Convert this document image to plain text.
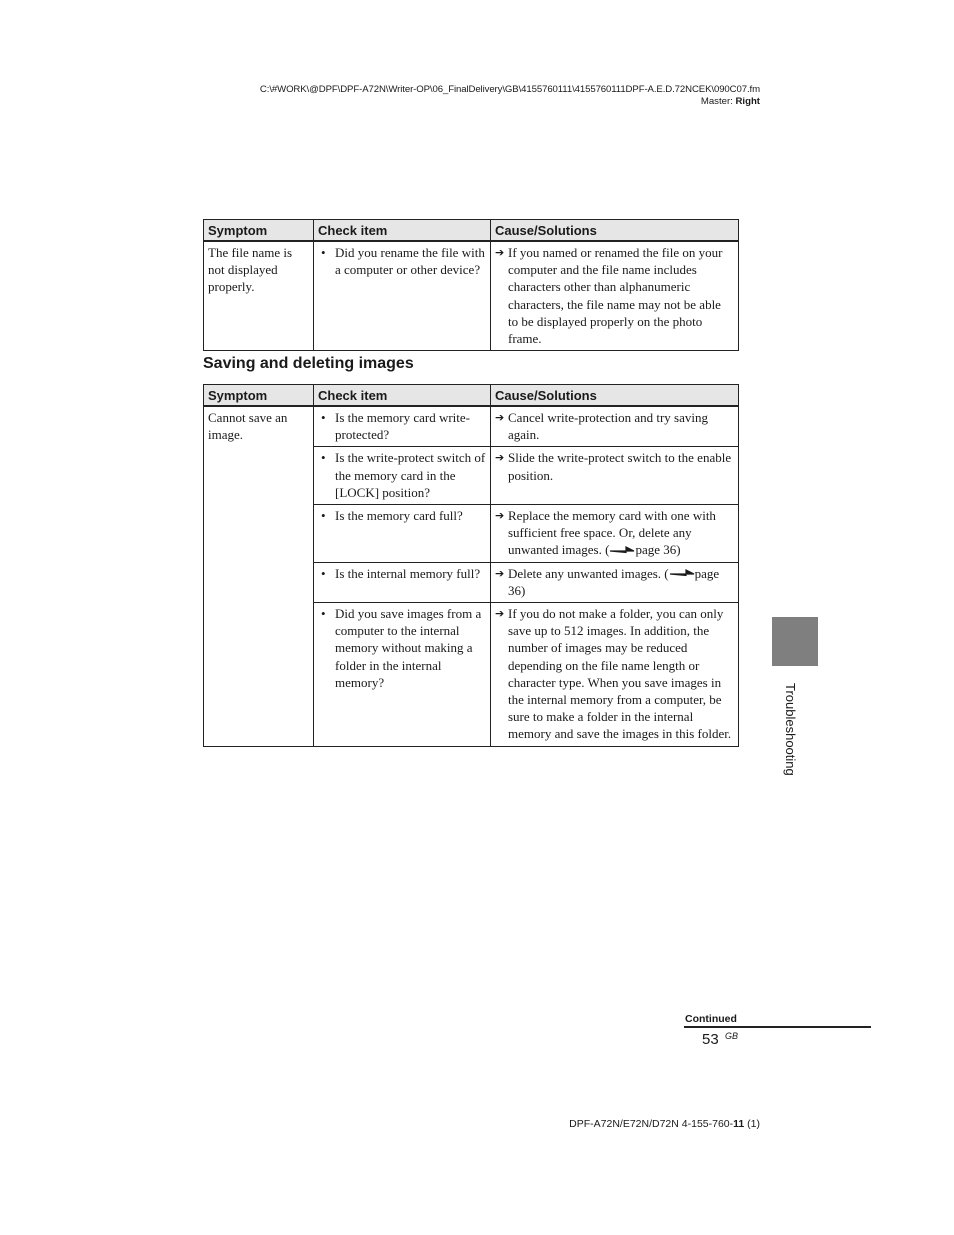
C:\#WORK\@DPF\DPF-A72N\Writer-OP\06_FinalDelivery\GB\4155760111\4155760111DPF-A.E.D.72NCEK\090C07.fm
Master: Right
Symptom	Check item	Cause/Solutions
The file name is not displayed properly.	• Did you rename the file with a computer or other device?	➔ If you named or renamed the file on your computer and the file name includes characters other than alphanumeric characters, the file name may not be able to be displayed properly on the photo frame.
Saving and deleting images
Symptom	Check item	Cause/Solutions
Cannot save an image.	• Is the memory card write-protected?	➔ Cancel write-protection and try saving again.

	• Is the write-protect switch of the memory card in the [LOCK] position?	➔ Slide the write-protect switch to the enable position.

	• Is the memory card full?	➔ Replace the memory card with one with sufficient free space. Or, delete any unwanted images. ( page 36)

	• Is the internal memory full?	➔ Delete any unwanted images. ( page 36)

	• Did you save images from a computer to the internal memory without making a folder in the internal memory?	➔ If you do not make a folder, you can only save up to 512 images. In addition, the number of images may be reduced depending on the file name length or character type. When you save images in the internal memory from a computer, be sure to make a folder in the internal memory and save the images in this folder.	Troubleshooting
Continued
53 GB
DPF-A72N/E72N/D72N 4-155-760-11 (1)
